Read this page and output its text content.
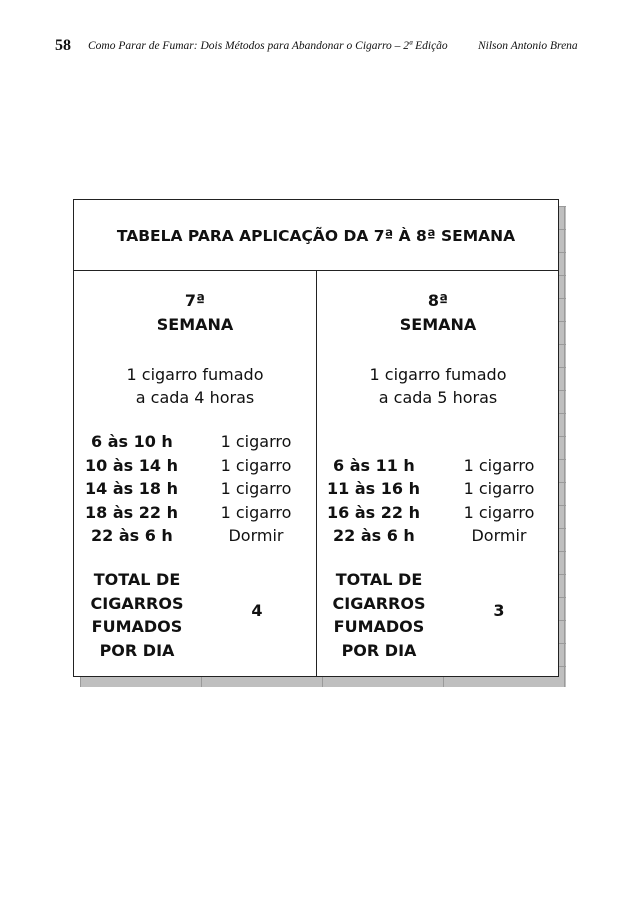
58 Como Parar de Fumar: Dois Métodos para Abandonar o Cigarro – 2ª Edição	Nilson Antonio Brena
TABELA PARA APLICAÇÃO DA 7ª À 8ª SEMANA
7ª
SEMANA
1 cigarro fumado
a cada 4 horas
6 às 10 h	1 cigarro
10 às 14 h	1 cigarro
14 às 18 h	1 cigarro
18 às 22 h	1 cigarro
22 às 6 h	Dormir
TOTAL DE
CIGARROS
FUMADOS
POR DIA
4
8ª
SEMANA
1 cigarro fumado
a cada 5 horas
6 às 11 h	1 cigarro
11 às 16 h	1 cigarro
16 às 22 h	1 cigarro
22 às 6 h	Dormir
TOTAL DE
CIGARROS
FUMADOS
POR DIA
3
